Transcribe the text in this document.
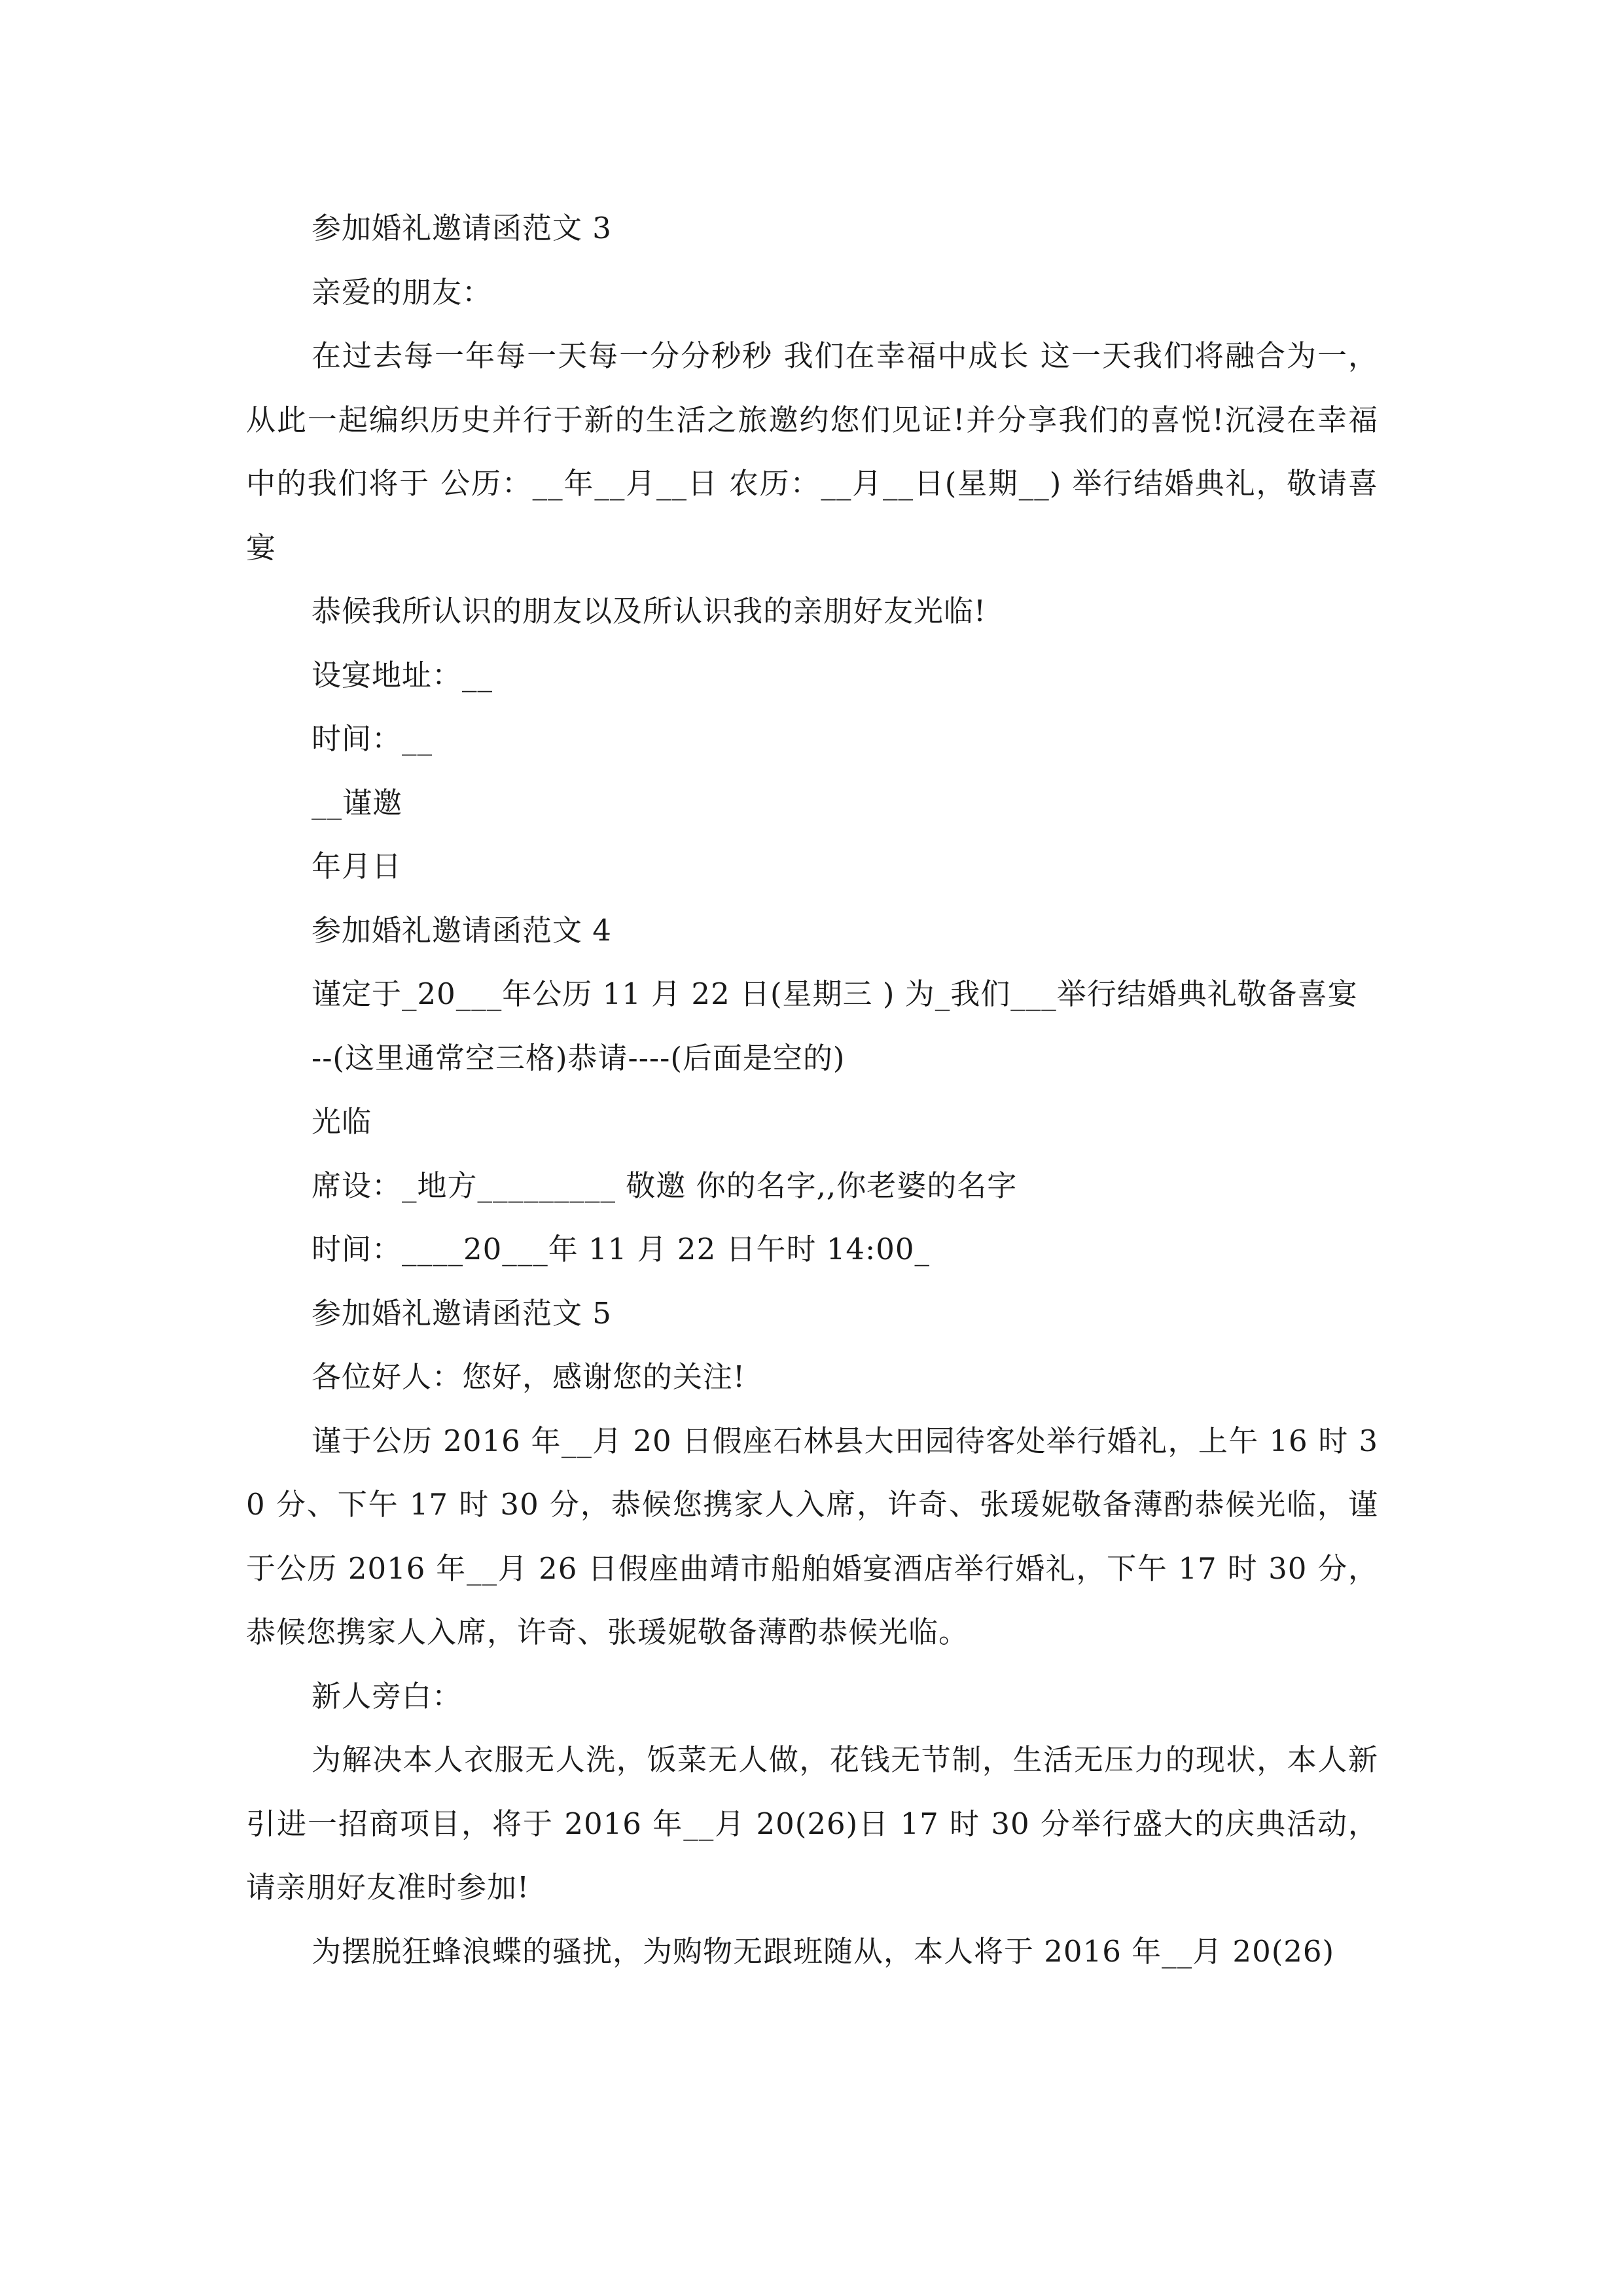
参加婚礼邀请函范文 3

亲爱的朋友：

在过去每一年每一天每一分分秒秒 我们在幸福中成长 这一天我们将融合为一，从此一起编织历史并行于新的生活之旅邀约您们见证!并分享我们的喜悦!沉浸在幸福中的我们将于 公历：__年__月__日 农历：__月__日(星期__) 举行结婚典礼，敬请喜宴

恭候我所认识的朋友以及所认识我的亲朋好友光临!

设宴地址：__

时间：__

__谨邀

年月日

参加婚礼邀请函范文 4

谨定于_20___年公历 11 月 22 日(星期三 ) 为_我们___举行结婚典礼敬备喜宴

--(这里通常空三格)恭请----(后面是空的)

光临

席设：_地方_________ 敬邀 你的名字,,你老婆的名字

时间：____20___年 11 月 22 日午时 14:00_

参加婚礼邀请函范文 5

各位好人：您好，感谢您的关注!

谨于公历 2016 年__月 20 日假座石林县大田园待客处举行婚礼，上午 16 时 30 分、下午 17 时 30 分，恭候您携家人入席，许奇、张瑗妮敬备薄酌恭候光临，谨于公历 2016 年__月 26 日假座曲靖市船舶婚宴酒店举行婚礼，下午 17 时 30 分，恭候您携家人入席，许奇、张瑗妮敬备薄酌恭候光临。

新人旁白：

为解决本人衣服无人洗，饭菜无人做，花钱无节制，生活无压力的现状，本人新引进一招商项目，将于 2016 年__月 20(26)日 17 时 30 分举行盛大的庆典活动，请亲朋好友准时参加!

为摆脱狂蜂浪蝶的骚扰，为购物无跟班随从，本人将于 2016 年__月 20(26)
